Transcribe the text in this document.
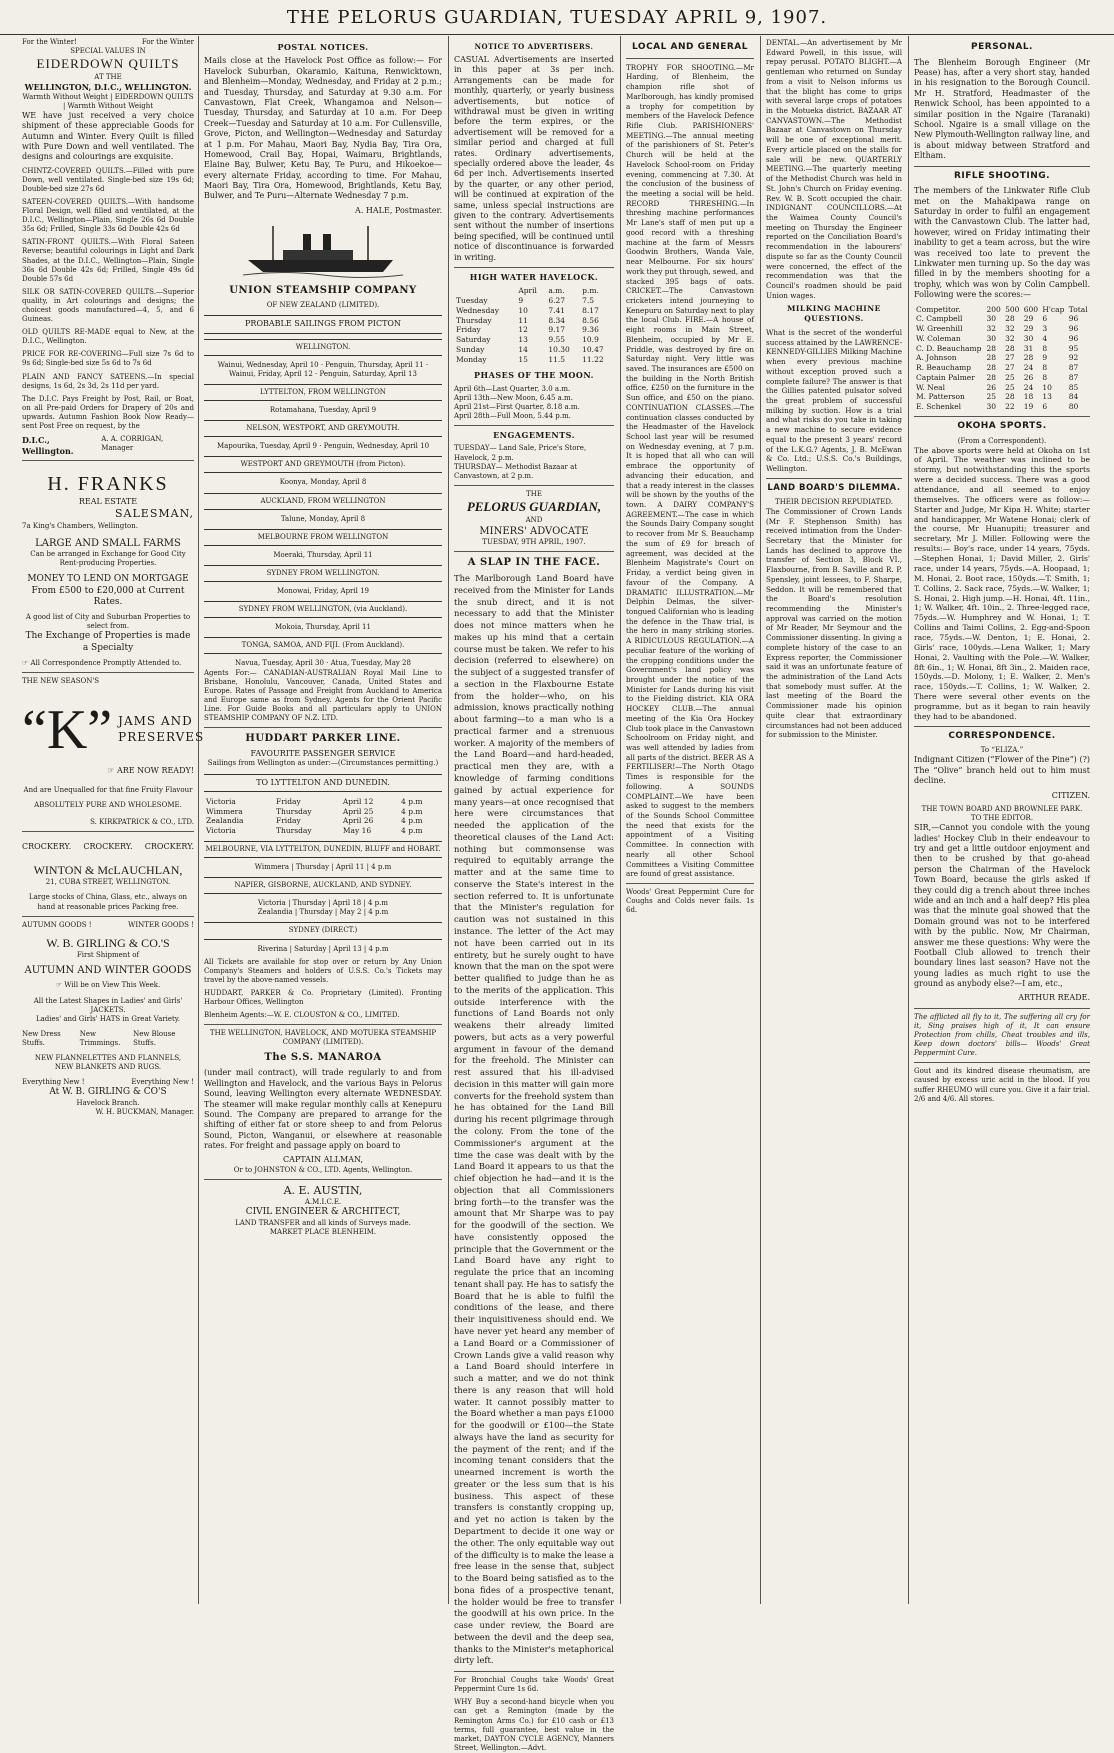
THE PELORUS GUARDIAN, TUESDAY APRIL 9, 1907.
For the Winter!	For the Winter
SPECIAL VALUES IN
EIDERDOWN QUILTS
AT THE
WELLINGTON, D.I.C., WELLINGTON.
Warmth Without Weight | EIDERDOWN QUILTS | Warmth Without Weight

WE have just received a very choice shipment of these appreciable Goods for Autumn and Winter. Every Quilt is filled with Pure Down and well ventilated. The designs and colourings are exquisite.

CHINTZ-COVERED QUILTS.—Filled with pure Down, well ventilated. Single-bed size 19s 6d; Double-bed size 27s 6d

SATEEN-COVERED QUILTS.—With handsome Floral Design, well filled and ventilated, at the D.I.C., Wellington—Plain, Single 26s 6d Double 35s 6d; Frilled, Single 33s 6d Double 42s 6d

SATIN-FRONT QUILTS.—With Floral Sateen Reverse; beautiful colourings in Light and Dark Shades, at the D.I.C., Wellington—Plain, Single 36s 6d Double 42s 6d; Frilled, Single 49s 6d Double 57s 6d

SILK OR SATIN-COVERED QUILTS.—Superior quality, in Art colourings and designs; the choicest goods manufactured—4, 5, and 6 Guineas.

OLD QUILTS RE-MADE equal to New, at the D.I.C., Wellington.

PRICE FOR RE-COVERING—Full size 7s 6d to 9s 6d; Single-bed size 5s 6d to 7s 6d

PLAIN AND FANCY SATEENS.—In special designs, 1s 6d, 2s 3d, 2s 11d per yard.

The D.I.C. Pays Freight by Post, Rail, or Boat, on all Pre-paid Orders for Drapery of 20s and upwards. Autumn Fashion Book Now Ready—sent Post Free on request, by the

D.I.C., Wellington.
A. A. CORRIGAN, Manager
H. FRANKS
REAL ESTATE
SALESMAN,
7a King's Chambers, Wellington.
LARGE AND SMALL FARMS
Can be arranged in Exchange for Good City Rent-producing Properties.
MONEY TO LEND ON MORTGAGE
From £500 to £20,000 at Current Rates.
A good list of City and Suburban Properties to select from.
The Exchange of Properties is made
a Specialty
☞ All Correspondence Promptly Attended to.
THE NEW SEASON'S
“K” JAMS AND
PRESERVES
☞ ARE NOW READY!
And are Unequalled for that fine Fruity Flavour
ABSOLUTELY PURE AND WHOLESOME.
S. KIRKPATRICK & CO., LTD.
CROCKERY. CROCKERY. CROCKERY.
WINTON & McLAUCHLAN,
21, CUBA STREET, WELLINGTON.
Large stocks of China, Glass, etc., always on hand at reasonable prices Packing free.
AUTUMN GOODS !	WINTER GOODS !
W. B. GIRLING & CO.'S
First Shipment of
AUTUMN AND WINTER GOODS
☞ Will be on View This Week.
All the Latest Shapes in Ladies' and Girls' JACKETS.
Ladies' and Girls' HATS in Great Variety.
New Dress Stuffs.
New Trimmings.
New Blouse Stuffs.
NEW FLANNELETTES AND FLANNELS,
NEW BLANKETS AND RUGS.
Everything New !	Everything New !
At W. B. GIRLING & CO'S
Havelock Branch.
W. H. BUCKMAN, Manager.
POSTAL NOTICES.

Mails close at the Havelock Post Office as follow:— For Havelock Suburban, Okaramio, Kaituna, Renwicktown, and Blenheim—Monday, Wednesday, and Friday at 2 p.m.; and Tuesday, Thursday, and Saturday at 9.30 a.m. For Canvastown, Flat Creek, Whangamoa and Nelson—Tuesday, Thursday, and Saturday at 10 a.m. For Deep Creek—Tuesday and Saturday at 10 a.m. For Cullensville, Grove, Picton, and Wellington—Wednesday and Saturday at 1 p.m. For Mahau, Maori Bay, Nydia Bay, Tira Ora, Homewood, Crail Bay, Hopai, Waimaru, Brightlands, Elaine Bay, Bulwer, Ketu Bay, Te Puru, and Hikoekoe—every alternate Friday, according to time. For Mahau, Maori Bay, Tira Ora, Homewood, Brightlands, Ketu Bay, Bulwer, and Te Puru—Alternate Wednesday 7 p.m.

A. HALE, Postmaster.
UNION STEAMSHIP COMPANY
OF NEW ZEALAND (LIMITED).
PROBABLE SAILINGS FROM PICTON
WELLINGTON.
Wainui, Wednesday, April 10 · Penguin, Thursday, April 11 · Wainui, Friday, April 12 · Penguin, Saturday, April 13
LYTTELTON, FROM WELLINGTON
Rotamahana, Tuesday, April 9
NELSON, WESTPORT, AND GREYMOUTH.
Mapourika, Tuesday, April 9 · Penguin, Wednesday, April 10
WESTPORT AND GREYMOUTH (from Picton).
Koonya, Monday, April 8
AUCKLAND, FROM WELLINGTON
Talune, Monday, April 8
MELBOURNE FROM WELLINGTON
Moeraki, Thursday, April 11
SYDNEY FROM WELLINGTON.
Monowai, Friday, April 19
SYDNEY FROM WELLINGTON, (via Auckland).
Mokoia, Thursday, April 11
TONGA, SAMOA, AND FIJI. (From Auckland).
Navua, Tuesday, April 30 · Atua, Tuesday, May 28

Agents For:— CANADIAN-AUSTRALIAN Royal Mail Line to Brisbane, Honolulu, Vancouver, Canada, United States and Europe. Rates of Passage and Freight from Auckland to America and Europe same as from Sydney. Agents for the Orient Pacific Line. For Guide Books and all particulars apply to UNION STEAMSHIP COMPANY OF N.Z. LTD.

HUDDART PARKER LINE.
FAVOURITE PASSENGER SERVICE
Sailings from Wellington as under:—(Circumstances permitting.)
TO LYTTELTON AND DUNEDIN.
Victoria	Friday	April 12	4 p.m
Wimmera	Thursday	April 25	4 p.m
Zealandia	Friday	April 26	4 p.m
Victoria	Thursday	May 16	4 p.m
MELBOURNE, VIA LYTTELTON, DUNEDIN, BLUFF and HOBART.
Wimmera | Thursday | April 11 | 4 p.m
NAPIER, GISBORNE, AUCKLAND, AND SYDNEY.
Victoria | Thursday | April 18 | 4 p.m
Zealandia | Thursday | May 2 | 4 p.m
SYDNEY (DIRECT.)
Riverina | Saturday | April 13 | 4 p.m

All Tickets are available for stop over or return by Any Union Company's Steamers and holders of U.S.S. Co.'s Tickets may travel by the above-named vessels.

HUDDART, PARKER & Co. Proprietary (Limited). Fronting Harbour Offices, Wellington

Blenheim Agents:—W. E. CLOUSTON & CO., LIMITED.

THE WELLINGTON, HAVELOCK, AND MOTUEKA STEAMSHIP COMPANY (LIMITED).
The S.S. MANAROA

(under mail contract), will trade regularly to and from Wellington and Havelock, and the various Bays in Pelorus Sound, leaving Wellington every alternate WEDNESDAY. The steamer will make regular monthly calls at Kenepuru Sound. The Company are prepared to arrange for the shifting of either fat or store sheep to and from Pelorus Sound, Picton, Wanganui, or elsewhere at reasonable rates. For freight and passage apply on board to

CAPTAIN ALLMAN,
Or to JOHNSTON & CO., LTD. Agents, Wellington.
A. E. AUSTIN,
A.M.I.C.E.
CIVIL ENGINEER & ARCHITECT,
LAND TRANSFER and all kinds of Surveys made.
MARKET PLACE BLENHEIM.
NOTICE TO ADVERTISERS.

CASUAL Advertisements are inserted in this paper at 3s per inch. Arrangements can be made for monthly, quarterly, or yearly business advertisements, but notice of withdrawal must be given in writing before the term expires, or the advertisement will be removed for a similar period and charged at full rates. Ordinary advertisements, specially ordered above the leader, 4s 6d per inch. Advertisements inserted by the quarter, or any other period, will be continued at expiration of the same, unless special instructions are given to the contrary. Advertisements sent without the number of insertions being specified, will be continued until notice of discontinuance is forwarded in writing.

HIGH WATER HAVELOCK.
	April	a.m.	p.m.
Tuesday	9	6.27	7.5
Wednesday	10	7.41	8.17
Thursday	11	8.34	8.56
Friday	12	9.17	9.36
Saturday	13	9.55	10.9
Sunday	14	10.30	10.47
Monday	15	11.5	11.22
PHASES OF THE MOON.
April 6th—Last Quarter, 3.0 a.m.
April 13th—New Moon, 6.45 a.m.
April 21st—First Quarter, 8.18 a.m.
April 28th—Full Moon, 5.44 p.m.
ENGAGEMENTS.
TUESDAY— Land Sale, Price's Store, Havelock, 2 p.m.
THURSDAY— Methodist Bazaar at Canvastown, at 2 p.m.
THE
PELORUS GUARDIAN,
AND
MINERS' ADVOCATE
TUESDAY, 9TH APRIL, 1907.
A SLAP IN THE FACE.

The Marlborough Land Board have received from the Minister for Lands the snub direct, and it is not necessary to add that the Minister does not mince matters when he makes up his mind that a certain course must be taken. We refer to his decision (referred to elsewhere) on the subject of a suggested transfer of a section in the Flaxbourne Estate from the holder—who, on his admission, knows practically nothing about farming—to a man who is a practical farmer and a strenuous worker. A majority of the members of the Land Board—and hard-headed, practical men they are, with a knowledge of farming conditions gained by actual experience for many years—at once recognised that here were circumstances that needed the application of the theoretical clauses of the Land Act: nothing but commonsense was required to equitably arrange the matter and at the same time to conserve the State's interest in the section referred to. It is unfortunate that the Minister's regulation for caution was not sustained in this instance. The letter of the Act may not have been carried out in its entirety, but he surely ought to have known that the man on the spot were better qualified to judge than he as to the merits of the application. This outside interference with the functions of Land Boards not only weakens their already limited powers, but acts as a very powerful argument in favour of the demand for the freehold. The Minister can rest assured that his ill-advised decision in this matter will gain more converts for the freehold system than he has obtained for the Land Bill during his recent pilgrimage through the colony. From the tone of the Commissioner's argument at the time the case was dealt with by the Land Board it appears to us that the chief objection he had—and it is the objection that all Commissioners bring forth—to the transfer was the amount that Mr Sharpe was to pay for the goodwill of the section. We have consistently opposed the principle that the Government or the Land Board have any right to regulate the price that an incoming tenant shall pay. He has to satisfy the Board that he is able to fulfil the conditions of the lease, and there their inquisitiveness should end. We have never yet heard any member of a Land Board or a Commissioner of Crown Lands give a valid reason why a Land Board should interfere in such a matter, and we do not think there is any reason that will hold water. It cannot possibly matter to the Board whether a man pays £1000 for the goodwill or £100—the State always have the land as security for the payment of the rent; and if the incoming tenant considers that the unearned increment is worth the greater or the less sum that is his business. This aspect of these transfers is constantly cropping up, and yet no action is taken by the Department to decide it one way or the other. The only equitable way out of the difficulty is to make the lease a free lease in the sense that, subject to the Board being satisfied as to the bona fides of a prospective tenant, the holder would be free to transfer the goodwill at his own price. In the case under review, the Board are between the devil and the deep sea, thanks to the Minister's metaphorical dirty left.

For Bronchial Coughs take Woods' Great Peppermint Cure 1s 6d.

WHY Buy a second-hand bicycle when you can get a Remington (made by the Remington Arms Co.) for £10 cash or £13 terms, full guarantee, best value in the market, DAYTON CYCLE AGENCY, Manners Street, Wellington.—Advt.

LOCAL AND GENERAL

TROPHY FOR SHOOTING.—Mr Harding, of Blenheim, the champion rifle shot of Marlborough, has kindly promised a trophy for competition by members of the Havelock Defence Rifle Club. PARISHIONERS' MEETING.—The annual meeting of the parishioners of St. Peter's Church will be held at the Havelock School-room on Friday evening, commencing at 7.30. At the conclusion of the business of the meeting a social will be held. RECORD THRESHING.—In threshing machine performances Mr Lane's staff of men put up a good record with a threshing machine at the farm of Messrs Goodwin Brothers, Wanda Vale, near Melbourne. For six hours' work they put through, sewed, and stacked 395 bags of oats. CRICKET.—The Canvastown cricketers intend journeying to Kenepuru on Saturday next to play the local Club. FIRE.—A house of eight rooms in Main Street, Blenheim, occupied by Mr E. Priddle, was destroyed by fire on Saturday night. Very little was saved. The insurances are £500 on the building in the North British office, £250 on the furniture in the Sun office, and £50 on the piano. CONTINUATION CLASSES.—The continuation classes conducted by the Headmaster of the Havelock School last year will be resumed on Wednesday evening, at 7 p.m. It is hoped that all who can will embrace the opportunity of advancing their education, and that a ready interest in the classes will be shown by the youths of the town. A DAIRY COMPANY'S AGREEMENT.—The case in which the Sounds Dairy Company sought to recover from Mr S. Beauchamp the sum of £9 for breach of agreement, was decided at the Blenheim Magistrate's Court on Friday, a verdict being given in favour of the Company. A DRAMATIC ILLUSTRATION.—Mr Delphin Delmas, the silver-tongued Californian who is leading the defence in the Thaw trial, is the hero in many striking stories. A RIDICULOUS REGULATION.—A peculiar feature of the working of the cropping conditions under the Government's land policy was brought under the notice of the Minister for Lands during his visit to the Fielding district. KIA ORA HOCKEY CLUB.—The annual meeting of the Kia Ora Hockey Club took place in the Canvastown Schoolroom on Friday night, and was well attended by ladies from all parts of the district. BEER AS A FERTILISER!—The North Otago Times is responsible for the following. A SOUNDS COMPLAINT.—We have been asked to suggest to the members of the Sounds School Committee the need that exists for the appointment of a Visiting Committee. In connection with nearly all other School Committees a Visiting Committee are found of great assistance.

Woods' Great Peppermint Cure for Coughs and Colds never fails. 1s 6d.

DENTAL.—An advertisement by Mr Edward Powell, in this issue, will repay perusal. POTATO BLIGHT.—A gentleman who returned on Sunday from a visit to Nelson informs us that the blight has come to grips with several large crops of potatoes in the Motueka district. BAZAAR AT CANVASTOWN.—The Methodist Bazaar at Canvastown on Thursday will be one of exceptional merit. Every article placed on the stalls for sale will be new. QUARTERLY MEETING.—The quarterly meeting of the Methodist Church was held in St. John's Church on Friday evening. Rev. W. B. Scott occupied the chair. INDIGNANT COUNCILLORS.—At the Waimea County Council's meeting on Thursday the Engineer reported on the Conciliation Board's recommendation in the labourers' dispute so far as the County Council were concerned, the effect of the recommendation was that the Council's roadmen should be paid Union wages.

MILKING MACHINE QUESTIONS.

What is the secret of the wonderful success attained by the LAWRENCE-KENNEDY-GILLIES Milking Machine when every previous machine without exception proved such a complete failure? The answer is that the Gillies patented pulsator solved the great problem of successful milking by suction. How is a trial and what risks do you take in taking a new machine to secure evidence equal to the present 3 years' record of the L.K.G.? Agents, J. B. McEwan & Co. Ltd.; U.S.S. Co.'s Buildings, Wellington.

LAND BOARD'S DILEMMA.
THEIR DECISION REPUDIATED.

The Commissioner of Crown Lands (Mr F. Stephenson Smith) has received intimation from the Under-Secretary that the Minister for Lands has declined to approve the transfer of Section 3, Block VI., Flaxbourne, from B. Saville and R. P. Spensley, joint lessees, to F. Sharpe, Seddon. It will be remembered that the Board's resolution recommending the Minister's approval was carried on the motion of Mr Reader, Mr Seymour and the Commissioner dissenting. In giving a complete history of the case to an Express reporter, the Commissioner said it was an unfortunate feature of the administration of the Land Acts that somebody must suffer. At the last meeting of the Board the Commissioner made his opinion quite clear that extraordinary circumstances had not been adduced for submission to the Minister.

PERSONAL.

The Blenheim Borough Engineer (Mr Pease) has, after a very short stay, handed in his resignation to the Borough Council. Mr H. Stratford, Headmaster of the Renwick School, has been appointed to a similar position in the Ngaire (Taranaki) School. Ngaire is a small village on the New Plymouth-Wellington railway line, and is about midway between Stratford and Eltham.

RIFLE SHOOTING.

The members of the Linkwater Rifle Club met on the Mahakipawa range on Saturday in order to fulfil an engagement with the Canvastown Club. The latter had, however, wired on Friday intimating their inability to get a team across, but the wire was received too late to prevent the Linkwater men turning up. So the day was filled in by the members shooting for a trophy, which was won by Colin Campbell. Following were the scores:—

Competitor.	200	500	600	H'cap	Total
C. Campbell	30	28	29	6	96
W. Greenhill	32	32	29	3	96
W. Coleman	30	32	30	4	96
C. D. Beauchamp	28	28	31	8	95
A. Johnson	28	27	28	9	92
R. Beauchamp	28	27	24	8	87
Captain Palmer	28	25	26	8	87
W. Neal	26	25	24	10	85
M. Patterson	25	28	18	13	84
E. Schenkel	30	22	19	6	80
OKOHA SPORTS.
(From a Correspondent).

The above sports were held at Okoha on 1st of April. The weather was inclined to be stormy, but notwithstanding this the sports were a decided success. There was a good attendance, and all seemed to enjoy themselves. The officers were as follow:—Starter and Judge, Mr Kipa H. White; starter and handicapper, Mr Watene Honai; clerk of the course, Mr Huanupiti; treasurer and secretary, Mr J. Miller. Following were the results:— Boy's race, under 14 years, 75yds.—Stephen Honai, 1; David Miller, 2. Girls' race, under 14 years, 75yds.—A. Hoopaad, 1; M. Honai, 2. Boot race, 150yds.—T. Smith, 1; T. Collins, 2. Sack race, 75yds.—W. Walker, 1; S. Honai, 2. High jump.—H. Honai, 4ft. 11in., 1; W. Walker, 4ft. 10in., 2. Three-legged race, 75yds.—W. Humphrey and W. Honai, 1; T. Collins and Taimi Collins, 2. Egg-and-Spoon race, 75yds.—W. Denton, 1; E. Honai, 2. Girls' race, 100yds.—Lena Walker, 1; Mary Honai, 2. Vaulting with the Pole.—W. Walker, 8ft 6in., 1; W. Honai, 8ft 3in., 2. Maiden race, 150yds.—D. Molony, 1; E. Walker, 2. Men's race, 150yds.—T. Collins, 1; W. Walker, 2. There were several other events on the programme, but as it began to rain heavily they had to be abandoned.

CORRESPONDENCE.
To “ELIZA.”

Indignant Citizen (“Flower of the Pine”) (?) The “Olive” branch held out to him must decline.

CITIZEN.
THE TOWN BOARD AND BROWNLEE PARK.
TO THE EDITOR.

SIR,—Cannot you condole with the young ladies' Hockey Club in their endeavour to try and get a little outdoor enjoyment and then to be crushed by that go-ahead person the Chairman of the Havelock Town Board, because the girls asked if they could dig a trench about three inches wide and an inch and a half deep? His plea was that the minute goal showed that the Domain ground was not to be interfered with by the public. Now, Mr Chairman, answer me these questions: Why were the Football Club allowed to trench their boundary lines last season? Have not the young ladies as much right to use the ground as anybody else?—I am, etc.,

ARTHUR READE.

The afflicted all fly to it, The suffering all cry for it, Sing praises high of it, It can ensure Protection from chills, Cheat troubles and ills, Keep down doctors' bills— Woods' Great Peppermint Cure.

Gout and its kindred disease rheumatism, are caused by excess uric acid in the blood. If you suffer RHEUMO will cure you. Give it a fair trial. 2/6 and 4/6. All stores.
